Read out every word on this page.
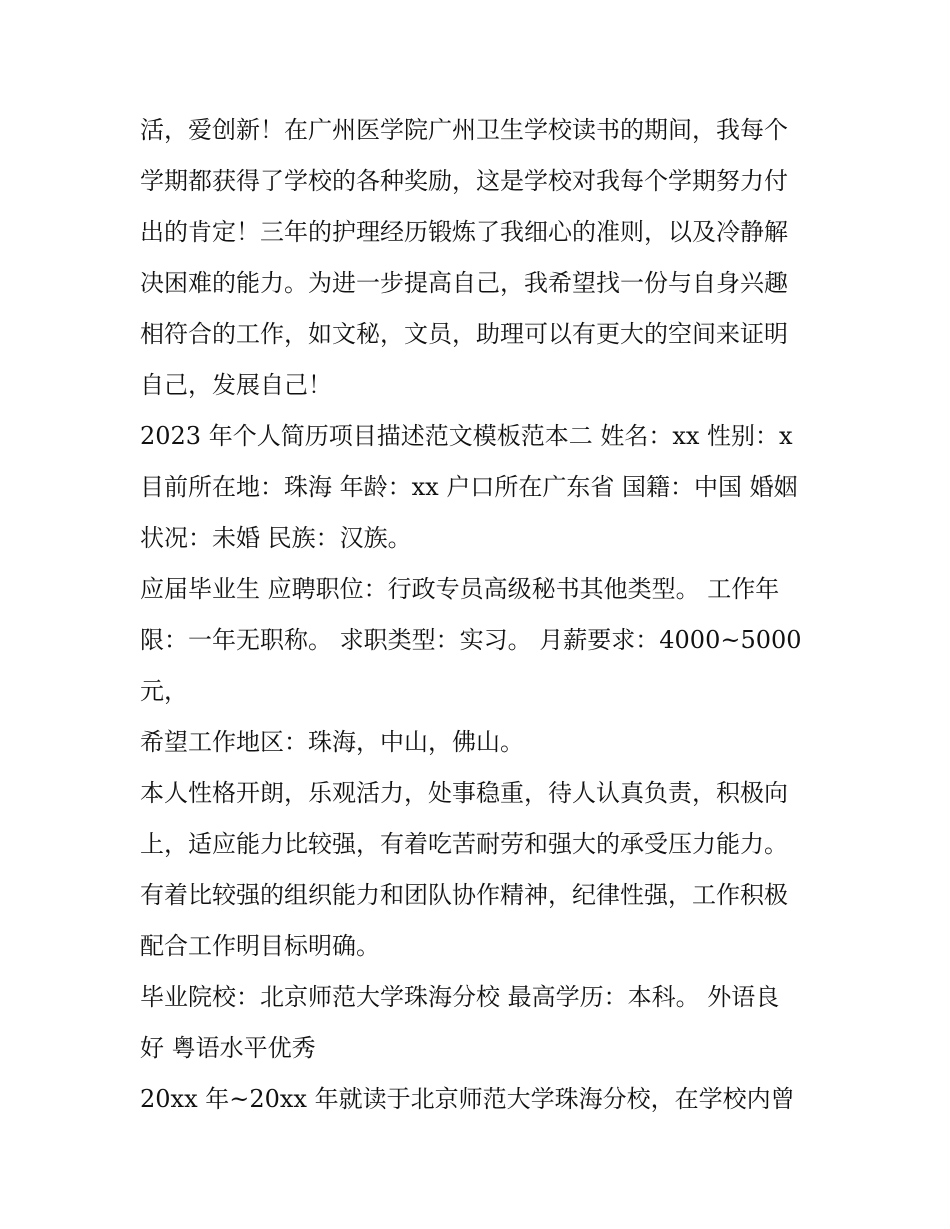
活，爱创新！在广州医学院广州卫生学校读书的期间，我每个
学期都获得了学校的各种奖励，这是学校对我每个学期努力付
出的肯定！三年的护理经历锻炼了我细心的准则，以及冷静解
决困难的能力。为进一步提高自己，我希望找一份与自身兴趣
相符合的工作，如文秘，文员，助理可以有更大的空间来证明
自己，发展自己！

2023 年个人简历项目描述范文模板范本二 姓名：xx 性别：x
目前所在地：珠海 年龄：xx 户口所在广东省 国籍：中国 婚姻
状况：未婚 民族：汉族。

应届毕业生 应聘职位：行政专员高级秘书其他类型。 工作年
限：一年无职称。 求职类型：实习。 月薪要求：4000~5000
元，

希望工作地区：珠海，中山，佛山。

本人性格开朗，乐观活力，处事稳重，待人认真负责，积极向
上，适应能力比较强，有着吃苦耐劳和强大的承受压力能力。
有着比较强的组织能力和团队协作精神，纪律性强，工作积极
配合工作明目标明确。

毕业院校：北京师范大学珠海分校 最高学历：本科。 外语良
好 粤语水平优秀

20xx 年~20xx 年就读于北京师范大学珠海分校，在学校内曾
